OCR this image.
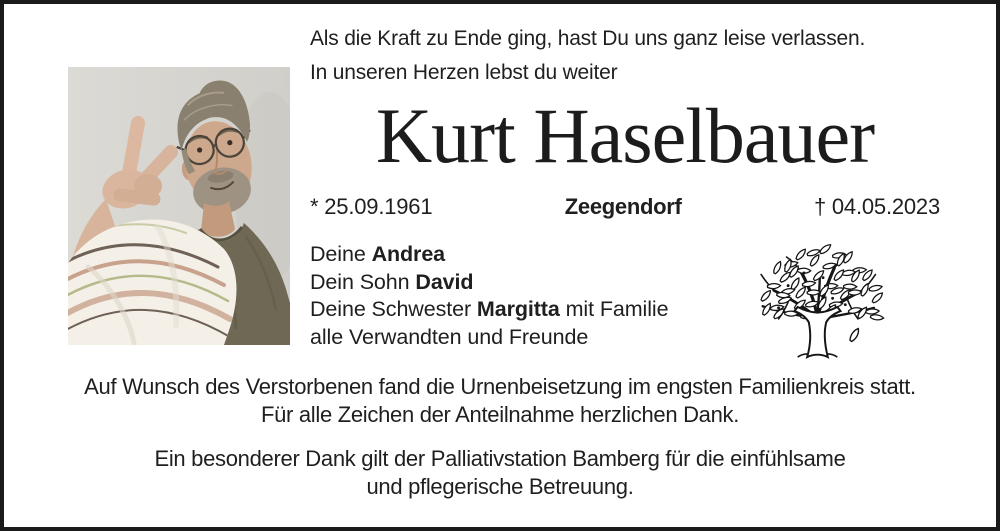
Als die Kraft zu Ende ging, hast Du uns ganz leise verlassen.
In unseren Herzen lebst du weiter
Kurt Haselbauer
* 25.09.1961	Zeegendorf	† 04.05.2023
Deine Andrea
Dein Sohn David
Deine Schwester Margitta mit Familie
alle Verwandten und Freunde
Auf Wunsch des Verstorbenen fand die Urnenbeisetzung im engsten Familienkreis statt.
Für alle Zeichen der Anteilnahme herzlichen Dank.
Ein besonderer Dank gilt der Palliativstation Bamberg für die einfühlsame
und pflegerische Betreuung.
